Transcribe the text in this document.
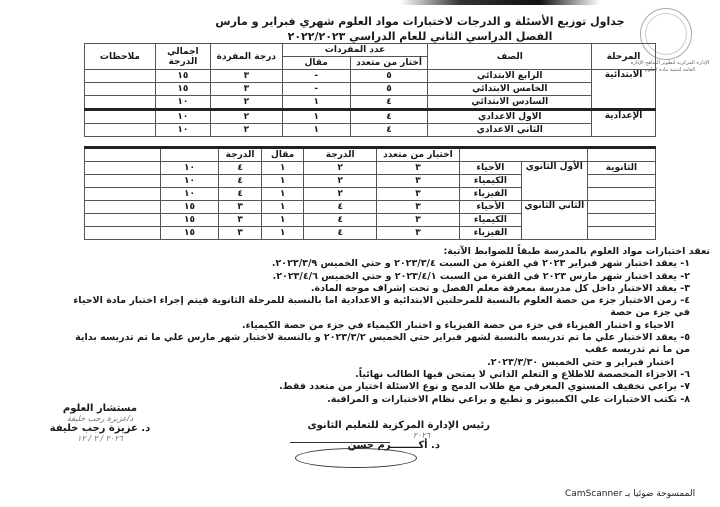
الإدارة المركزية لتطوير المناهج الإدارة العامة لتنمية مادة العلوم
جداول توزيع الأسئلة و الدرجات لاختبارات مواد العلوم شهري فبراير و مارس
الفصل الدراسي الثاني للعام الدراسي ٢٠٢٢/٢٠٢٣
المرحلة	الصف	عدد المفردات		درجة المفردة	اجمالي الدرجة	ملاحظات
		أختار من متعدد	مقال			
الابتدائية	الرابع الابتدائي	٥	-	٣	١٥	
	الخامس الابتدائي	٥	-	٣	١٥	
	السادس الابتدائي	٤	١	٢	١٠	
الإعدادية	الاول الاعدادي	٤	١	٢	١٠	
	الثاني الاعدادي	٤	١	٢	١٠	
			اختبار من متعدد	الدرجة	مقال	الدرجة		
الثانوية	الأول الثانوي	الأحياء	٣	٢	١	٤	١٠	
		الكيمياء	٣	٢	١	٤	١٠	
		الفيزياء	٣	٢	١	٤	١٠	
	الثاني الثانوي	الأحياء	٣	٤	١	٣	١٥	
		الكيمياء	٣	٤	١	٣	١٥	
		الفيزياء	٣	٤	١	٣	١٥	
تعقد اختبارات مواد العلوم بالمدرسة طبقاً للضوابط الآتية:
١- يعقد اختبار شهر فبراير ٢٠٢٣ في الفترة من السبت ٢٠٢٣/٣/٤ و حتي الخميس ٢٠٢٣/٣/٩.
٢- يعقد اختبار شهر مارس ٢٠٢٣ في الفترة من السبت ٢٠٢٣/٤/١ و حتي الخميس ٢٠٢٣/٤/٦.
٣- يعقد الاختبار داخل كل مدرسة بمعرفة معلم الفصل و تحت إشراف موجه المادة.
٤- زمن الاختبار جزء من حصة العلوم بالنسبة للمرحلتين الابتدائية و الاعدادية اما بالنسبة للمرحلة الثانوية فيتم إجراء اختبار مادة الاحياء في جزء من حصة
الاحياء و اختبار الفيزياء في جزء من حصة الفيزياء و اختبار الكيمياء في جزء من حصة الكيمياء.
٥- يعقد الاختبار علي ما تم تدريسه بالنسبة لشهر فبراير حتي الخميس ٢٠٢٣/٣/٢ و بالنسبة لاختبار شهر مارس علي ما تم تدريسه بداية من ما تم تدريسه عقب
اختبار فبراير و حتي الخميس ٢٠٢٣/٣/٣٠.
٦- الاجزاء المخصصة للاطلاع و التعلم الذاتي لا يمتحن فيها الطالب نهائياً.
٧- يراعي تخفيف المستوي المعرفي مع طلاب الدمج و نوع الاسئلة اختيار من متعدد فقط.
٨- تكتب الاختبارات علي الكمبيوتر و تطبع و يراعي نظام الاختبارات و المراقبة.
رئيس الإدارة المركزية للتعليم الثانوى
٢٠٢٦
د. أكــــــــرم حسن
مستشار العلوم
د/عزيزة رجب خليفة
د. عزيزة رجب خليفة
٢٠٢٦ / ٢ / ١٢
الممسوحة ضوئيا بـ CamScanner
